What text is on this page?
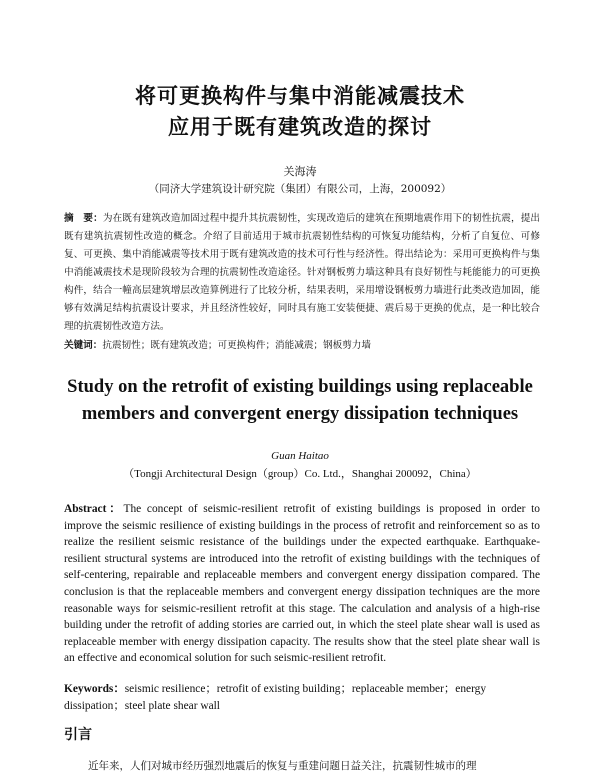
将可更换构件与集中消能减震技术
应用于既有建筑改造的探讨
关海涛
（同济大学建筑设计研究院（集团）有限公司，上海，200092）
摘　要：为在既有建筑改造加固过程中提升其抗震韧性，实现改造后的建筑在预期地震作用下的韧性抗震，提出既有建筑抗震韧性改造的概念。介绍了目前适用于城市抗震韧性结构的可恢复功能结构，分析了自复位、可修复、可更换、集中消能减震等技术用于既有建筑改造的技术可行性与经济性。得出结论为：采用可更换构件与集中消能减震技术是现阶段较为合理的抗震韧性改造途径。针对钢板剪力墙这种具有良好韧性与耗能能力的可更换构件，结合一幢高层建筑增层改造算例进行了比较分析，结果表明，采用增设钢板剪力墙进行此类改造加固，能够有效满足结构抗震设计要求，并且经济性较好，同时具有施工安装便捷、震后易于更换的优点，是一种比较合理的抗震韧性改造方法。
关键词：抗震韧性；既有建筑改造；可更换构件；消能减震；钢板剪力墙
Study on the retrofit of existing buildings using replaceable
members and convergent energy dissipation techniques
Guan Haitao
（Tongji Architectural Design（group）Co. Ltd.，Shanghai 200092，China）
Abstract：The concept of seismic-resilient retrofit of existing buildings is proposed in order to improve the seismic resilience of existing buildings in the process of retrofit and reinforcement so as to realize the resilient seismic resistance of the buildings under the expected earthquake. Earthquake-resilient structural systems are introduced into the retrofit of existing buildings with the techniques of self-centering, repairable and replaceable members and convergent energy dissipation compared. The conclusion is that the replaceable members and convergent energy dissipation techniques are the more reasonable ways for seismic-resilient retrofit at this stage. The calculation and analysis of a high-rise building under the retrofit of adding stories are carried out, in which the steel plate shear wall is used as replaceable member with energy dissipation capacity. The results show that the steel plate shear wall is an effective and economical solution for such seismic-resilient retrofit.
Keywords：seismic resilience；retrofit of existing building；replaceable member；energy dissipation；steel plate shear wall
引言
近年来，人们对城市经历强烈地震后的恢复与重建问题日益关注，抗震韧性城市的理
